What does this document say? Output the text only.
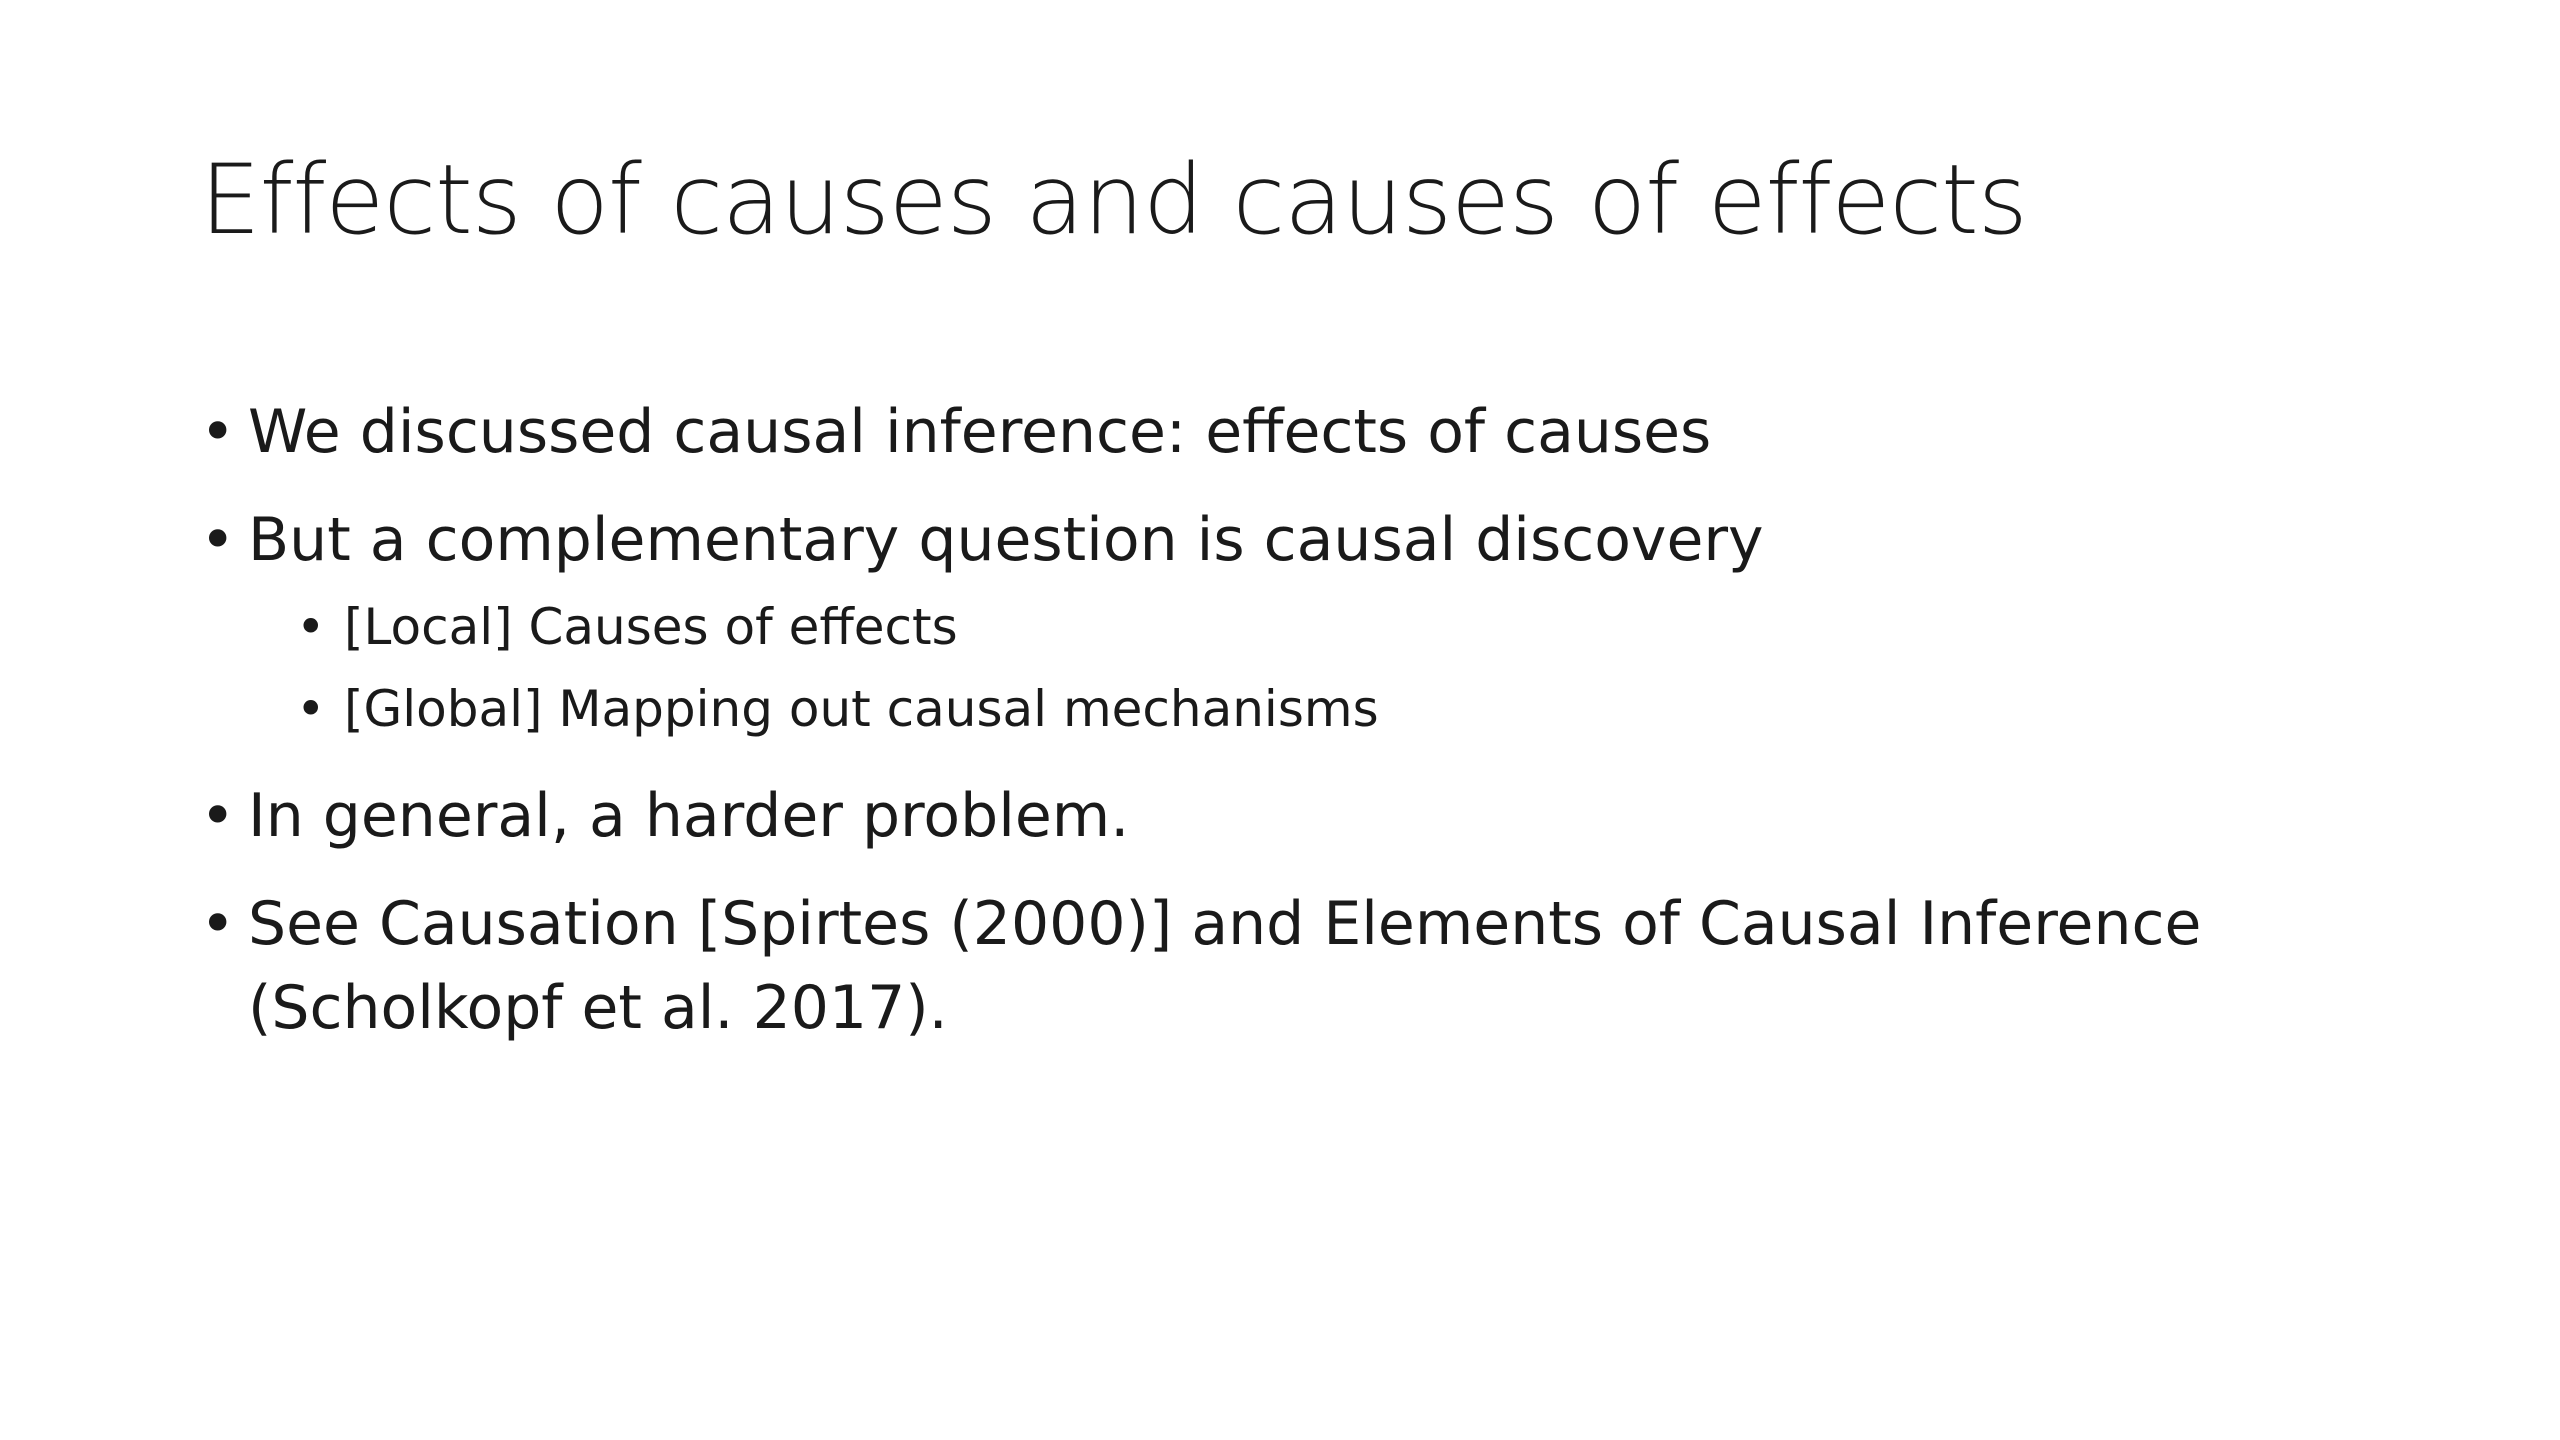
Effects of causes and causes of effects
• We discussed causal inference: effects of causes
• But a complementary question is causal discovery
• [Local] Causes of effects
• [Global] Mapping out causal mechanisms
• In general, a harder problem.
• See Causation [Spirtes (2000)] and Elements of Causal Inference (Scholkopf et al. 2017).
